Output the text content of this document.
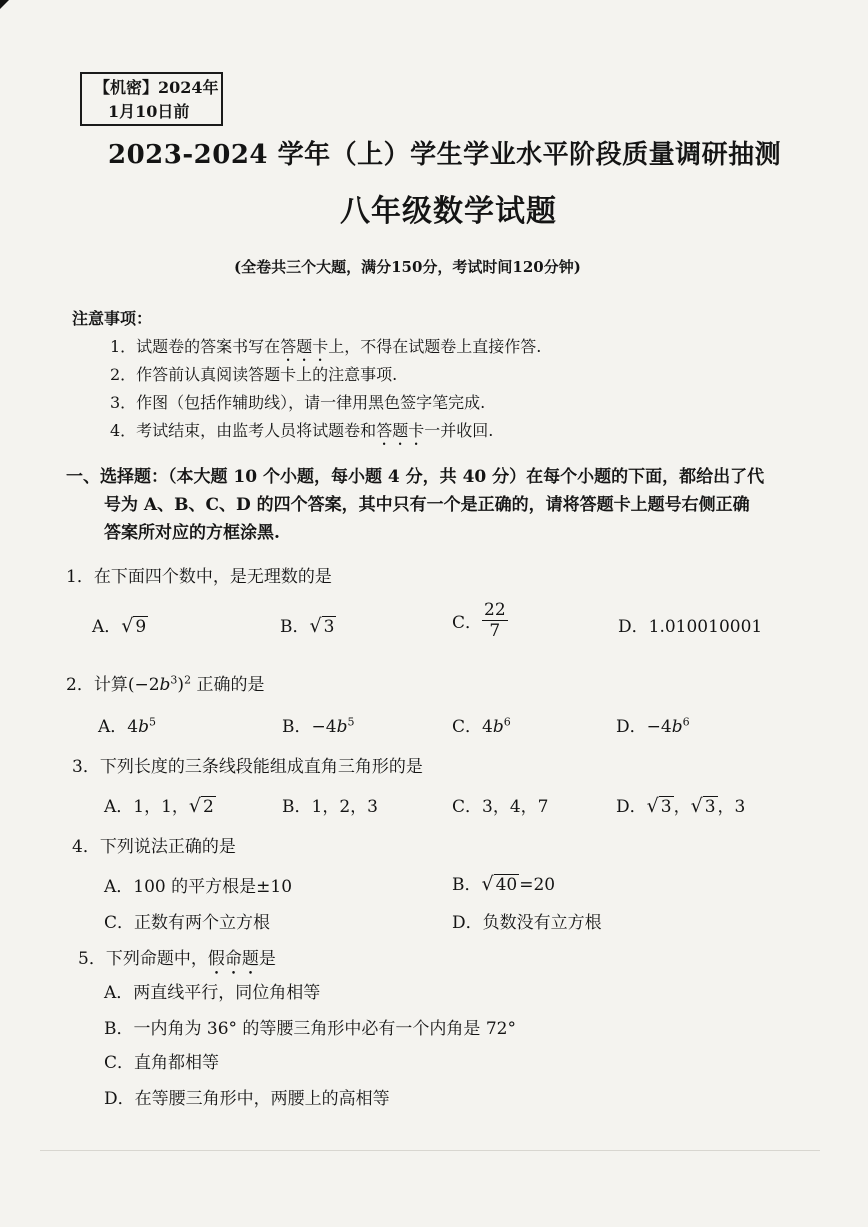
【机密】2024年
1月10日前
2023-2024 学年（上）学生学业水平阶段质量调研抽测
八年级数学试题
(全卷共三个大题，满分150分，考试时间120分钟)
注意事项：
1．试题卷的答案书写在答题卡上，不得在试题卷上直接作答.
2．作答前认真阅读答题卡上的注意事项.
3．作图（包括作辅助线），请一律用黑色签字笔完成.
4．考试结束，由监考人员将试题卷和答题卡一并收回.
一、选择题：（本大题 10 个小题，每小题 4 分，共 40 分）在每个小题的下面，都给出了代
号为 A、B、C、D 的四个答案，其中只有一个是正确的，请将答题卡上题号右侧正确
答案所对应的方框涂黑.
1．在下面四个数中，是无理数的是
A．√ 9	B．√ 3	C． $\frac{22}{7}$	D．1.010010001
2．计算$(-2b^3)^2$ 正确的是
A．$4b^5$	B．$-4b^5$	C．$4b^6$	D．$-4b^6$
3．下列长度的三条线段能组成直角三角形的是
A．1，1，√ 2	B．1，2，3	C．3，4，7	D．√ 3 ，√ 3 ，3
4．下列说法正确的是
A．100 的平方根是±10	B．√ 40 =20
C．正数有两个立方根	D．负数没有立方根
5．下列命题中，假命题是
A．两直线平行，同位角相等
B．一内角为 36° 的等腰三角形中必有一个内角是 72°
C．直角都相等
D．在等腰三角形中，两腰上的高相等
